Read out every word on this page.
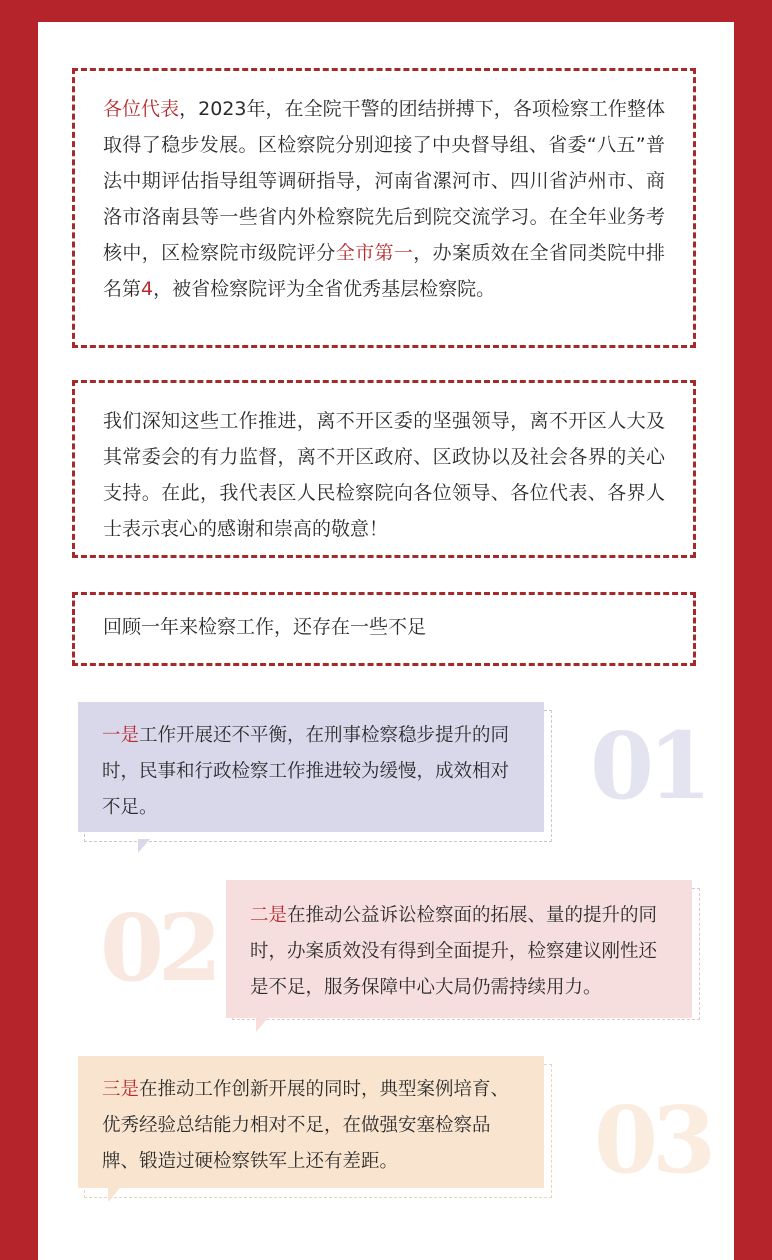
各位代表，2023年，在全院干警的团结拼搏下，各项检察工作整体取得了稳步发展。区检察院分别迎接了中央督导组、省委“八五”普法中期评估指导组等调研指导，河南省漯河市、四川省泸州市、商洛市洛南县等一些省内外检察院先后到院交流学习。在全年业务考核中，区检察院市级院评分全市第一，办案质效在全省同类院中排名第4，被省检察院评为全省优秀基层检察院。
我们深知这些工作推进，离不开区委的坚强领导，离不开区人大及其常委会的有力监督，离不开区政府、区政协以及社会各界的关心支持。在此，我代表区人民检察院向各位领导、各位代表、各界人士表示衷心的感谢和崇高的敬意！
回顾一年来检察工作，还存在一些不足
一是工作开展还不平衡，在刑事检察稳步提升的同时，民事和行政检察工作推进较为缓慢，成效相对不足。	01
二是在推动公益诉讼检察面的拓展、量的提升的同时，办案质效没有得到全面提升，检察建议刚性还是不足，服务保障中心大局仍需持续用力。
02
三是在推动工作创新开展的同时，典型案例培育、优秀经验总结能力相对不足，在做强安塞检察品牌、锻造过硬检察铁军上还有差距。	03
